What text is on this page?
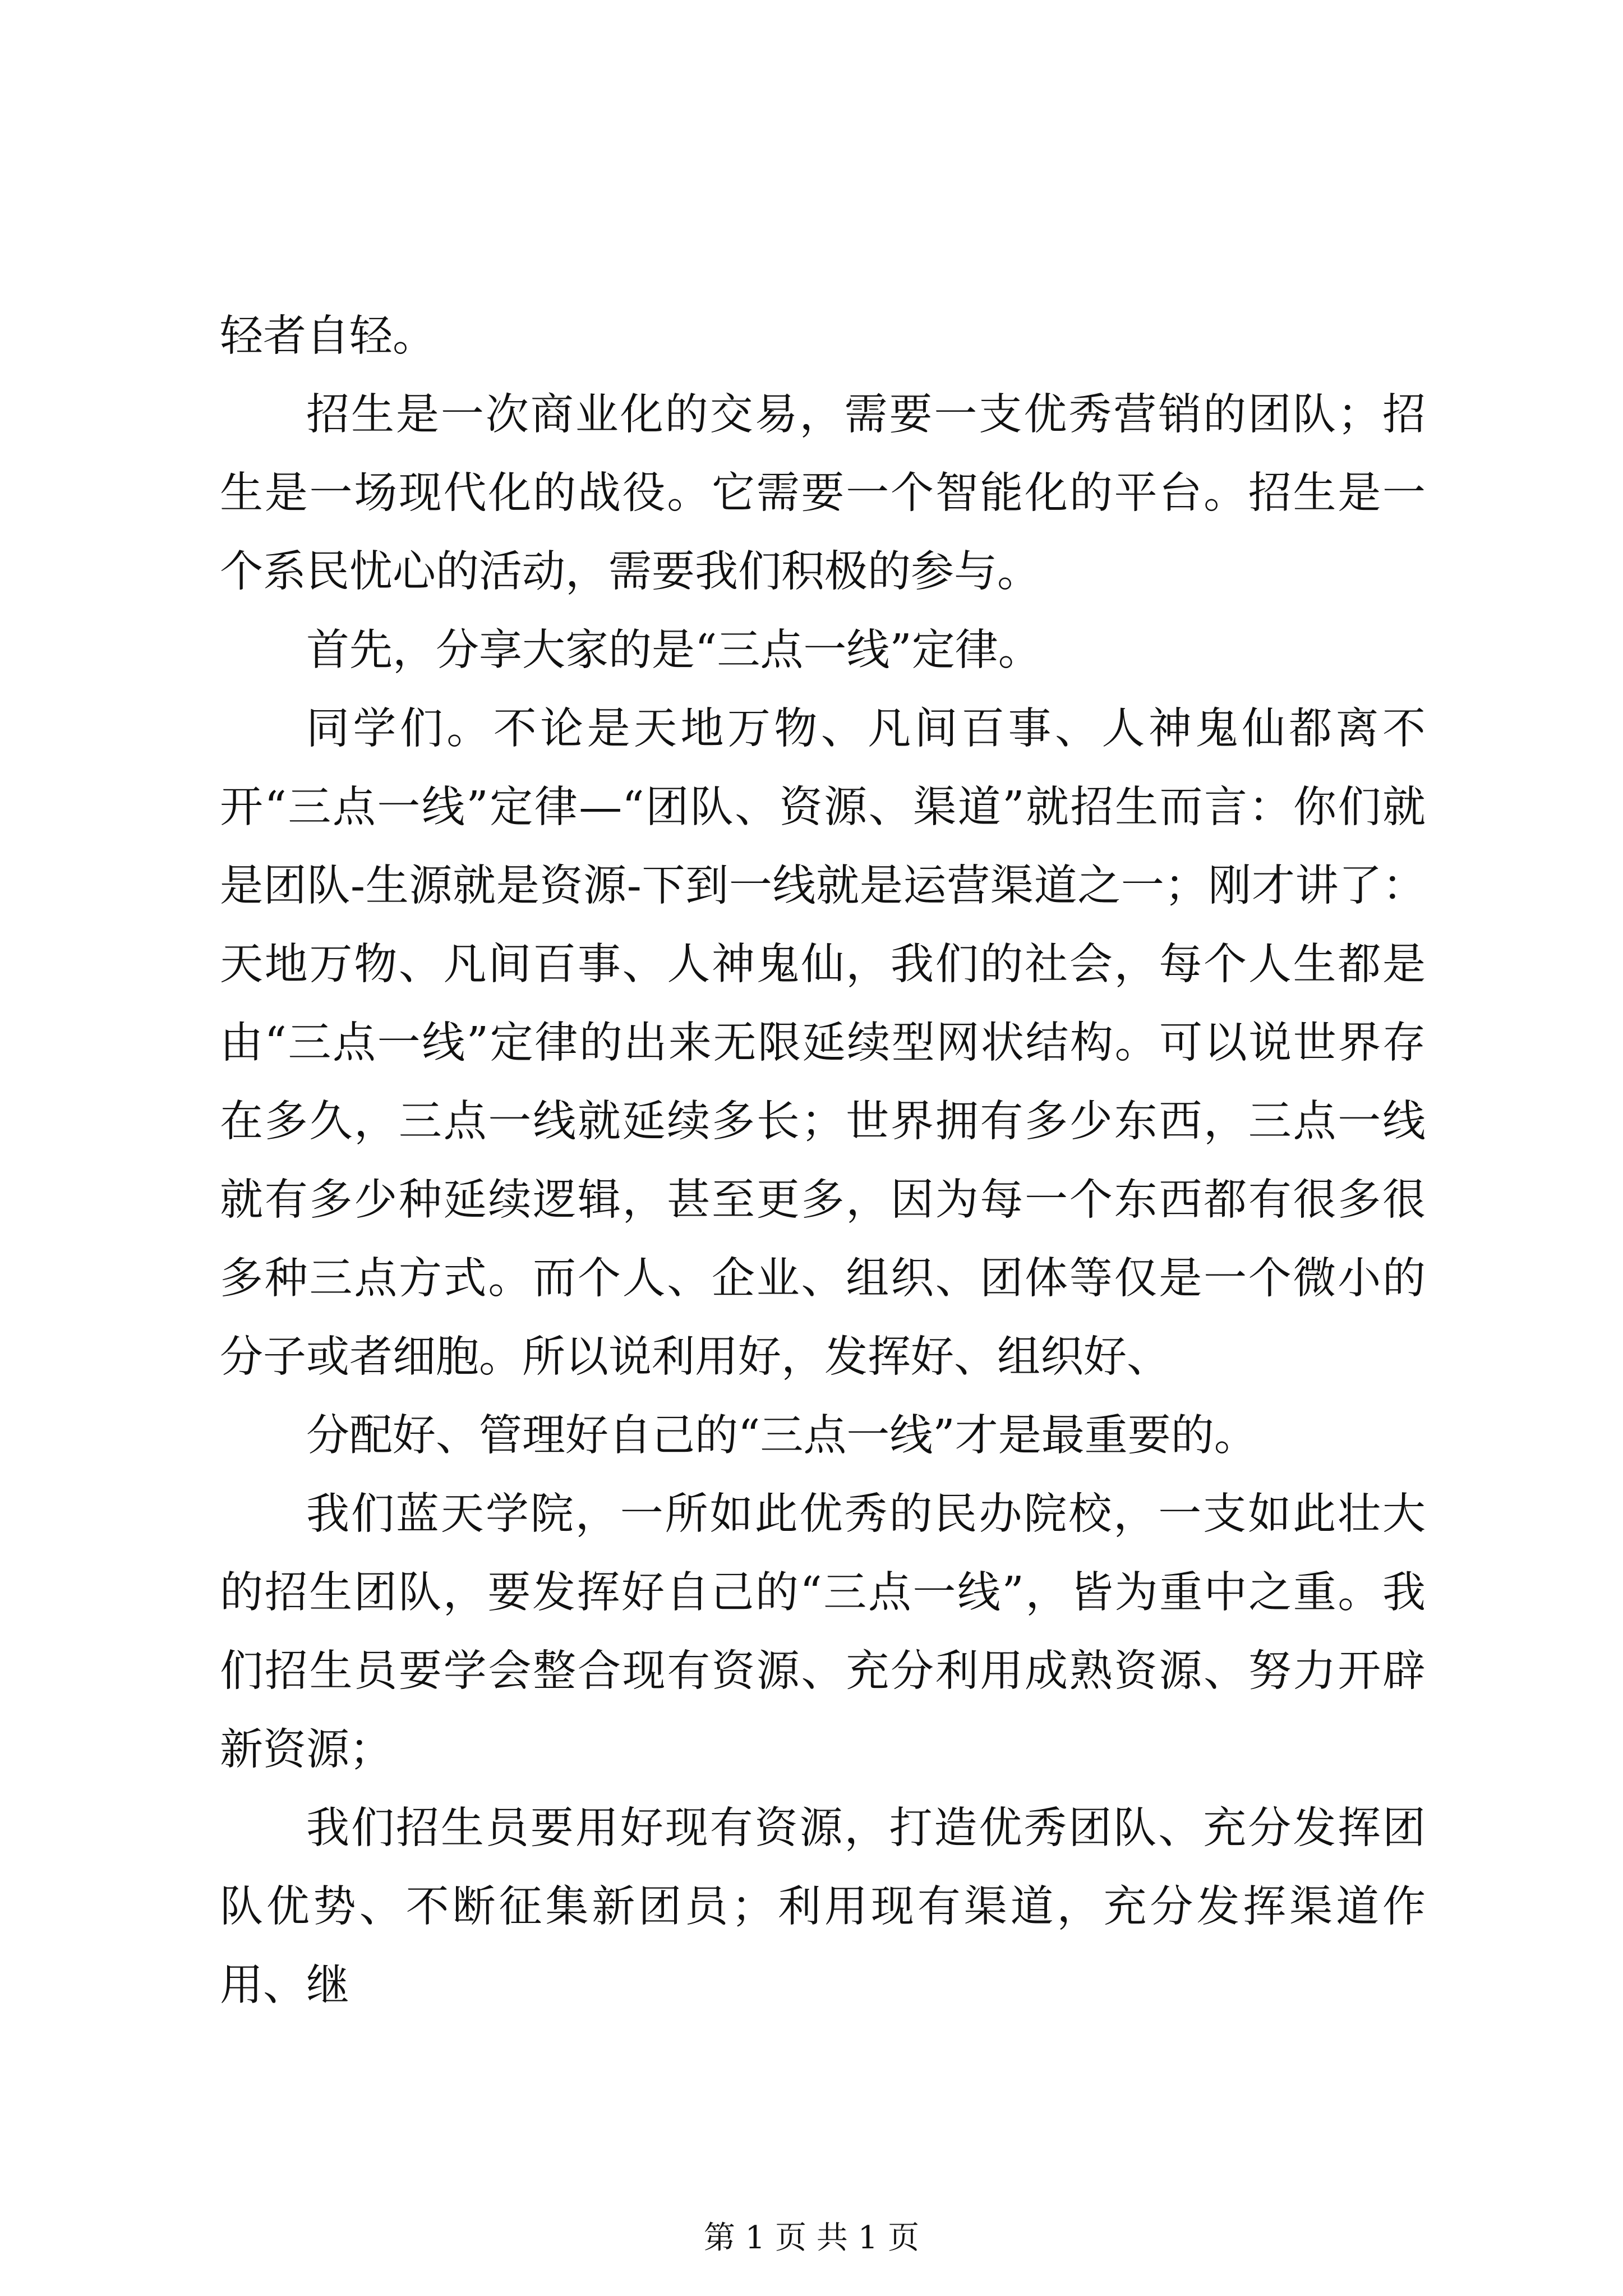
轻者自轻。

招生是一次商业化的交易，需要一支优秀营销的团队；招生是一场现代化的战役。它需要一个智能化的平台。招生是一个系民忧心的活动，需要我们积极的参与。

首先，分享大家的是“三点一线”定律。

同学们。不论是天地万物、凡间百事、人神鬼仙都离不开“三点一线”定律—“团队、资源、渠道”就招生而言：你们就是团队-生源就是资源-下到一线就是运营渠道之一；刚才讲了：天地万物、凡间百事、人神鬼仙，我们的社会，每个人生都是由“三点一线”定律的出来无限延续型网状结构。可以说世界存在多久，三点一线就延续多长；世界拥有多少东西，三点一线就有多少种延续逻辑，甚至更多，因为每一个东西都有很多很多种三点方式。而个人、企业、组织、团体等仅是一个微小的分子或者细胞。所以说利用好，发挥好、组织好、

分配好、管理好自己的“三点一线”才是最重要的。

我们蓝天学院，一所如此优秀的民办院校，一支如此壮大的招生团队，要发挥好自己的“三点一线”，皆为重中之重。我们招生员要学会整合现有资源、充分利用成熟资源、努力开辟新资源；

我们招生员要用好现有资源，打造优秀团队、充分发挥团队优势、不断征集新团员；利用现有渠道，充分发挥渠道作用、继

第 1 页 共 1 页
